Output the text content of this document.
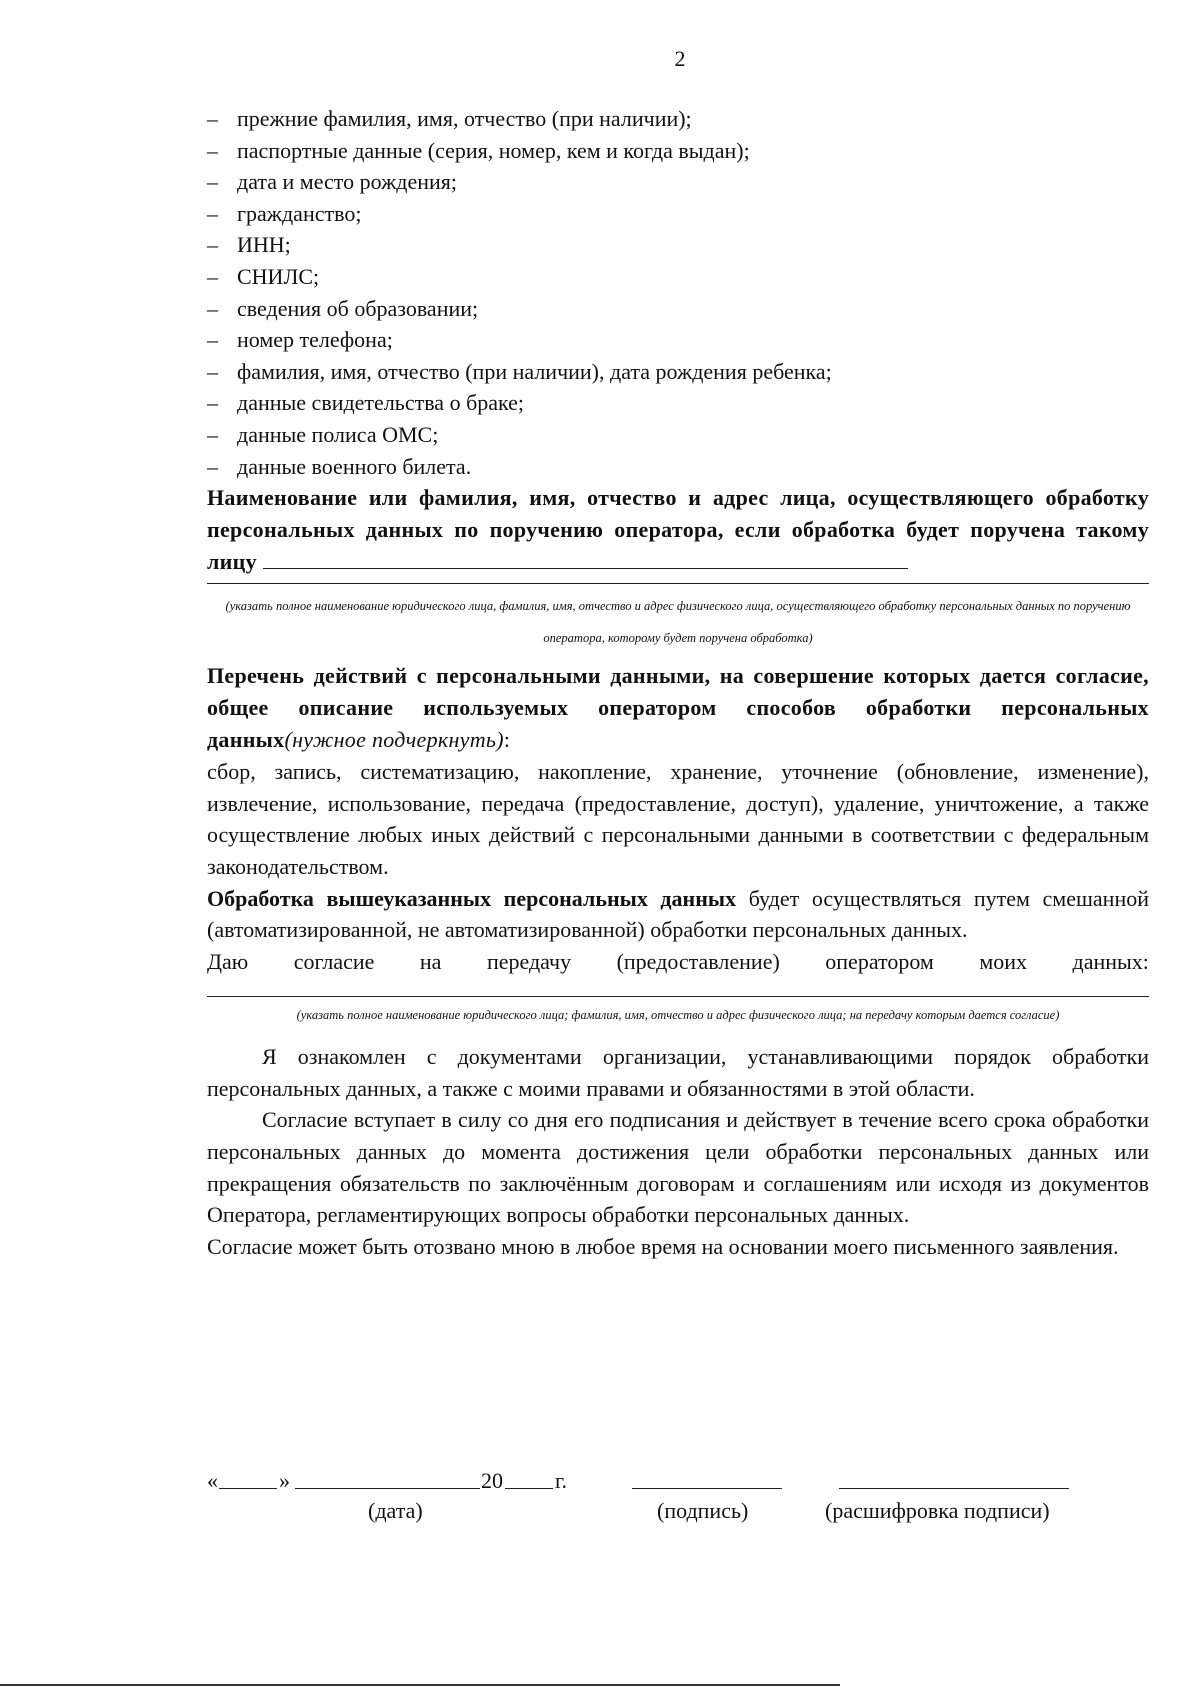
2
– прежние фамилия, имя, отчество (при наличии);
– паспортные данные (серия, номер, кем и когда выдан);
– дата и место рождения;
– гражданство;
– ИНН;
– СНИЛС;
– сведения об образовании;
– номер телефона;
– фамилия, имя, отчество (при наличии), дата рождения ребенка;
– данные свидетельства о браке;
– данные полиса ОМС;
– данные военного билета.
Наименование или фамилия, имя, отчество и адрес лица, осуществляющего обработку персональных данных по поручению оператора, если обработка будет поручена такому лицу
(указать полное наименование юридического лица, фамилия, имя, отчество и адрес физического лица, осуществляющего обработку персональных данных по поручению оператора, которому будет поручена обработка)
Перечень действий с персональными данными, на совершение которых дается согласие, общее описание используемых оператором способов обработки персональных данных(нужное подчеркнуть):

сбор, запись, систематизацию, накопление, хранение, уточнение (обновление, изменение), извлечение, использование, передача (предоставление, доступ), удаление, уничтожение, а также осуществление любых иных действий с персональными данными в соответствии с федеральным законодательством.

Обработка вышеуказанных персональных данных будет осуществляться путем смешанной (автоматизированной, не автоматизированной) обработки персональных данных.

Даю согласие на передачу (предоставление) оператором моих данных:
(указать полное наименование юридического лица; фамилия, имя, отчество и адрес физического лица; на передачу которым дается согласие)

Я ознакомлен с документами организации, устанавливающими порядок обработки персональных данных, а также с моими правами и обязанностями в этой области.

Согласие вступает в силу со дня его подписания и действует в течение всего срока обработки персональных данных до момента достижения цели обработки персональных данных или прекращения обязательств по заключённым договорам и соглашениям или исходя из документов Оператора, регламентирующих вопросы обработки персональных данных.

Согласие может быть отозвано мною в любое время на основании моего письменного заявления.

«	»	20 г.
(дата)	(подпись)	(расшифровка подписи)
